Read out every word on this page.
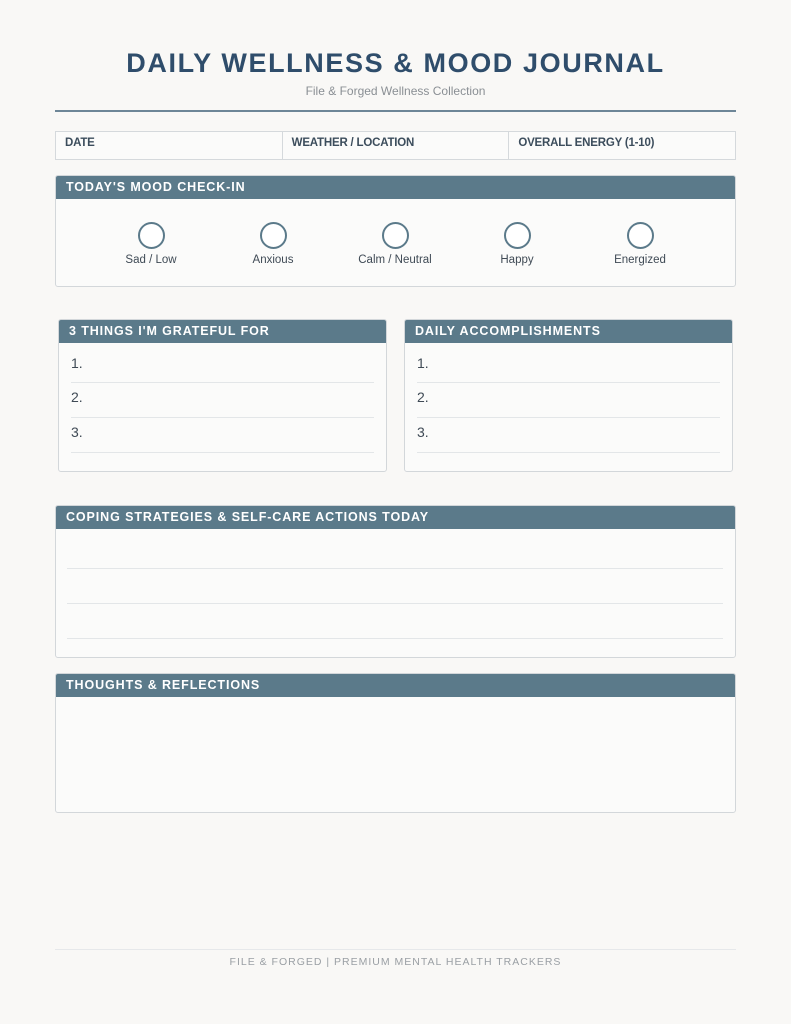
DAILY WELLNESS & MOOD JOURNAL
File & Forged Wellness Collection
DATE	WEATHER / LOCATION	OVERALL ENERGY (1-10)
TODAY'S MOOD CHECK-IN
Sad / Low	Anxious	Calm / Neutral	Happy	Energized
3 THINGS I'M GRATEFUL FOR
1.
2.
3.
DAILY ACCOMPLISHMENTS
1.
2.
3.
COPING STRATEGIES & SELF-CARE ACTIONS TODAY
THOUGHTS & REFLECTIONS
FILE & FORGED | PREMIUM MENTAL HEALTH TRACKERS
